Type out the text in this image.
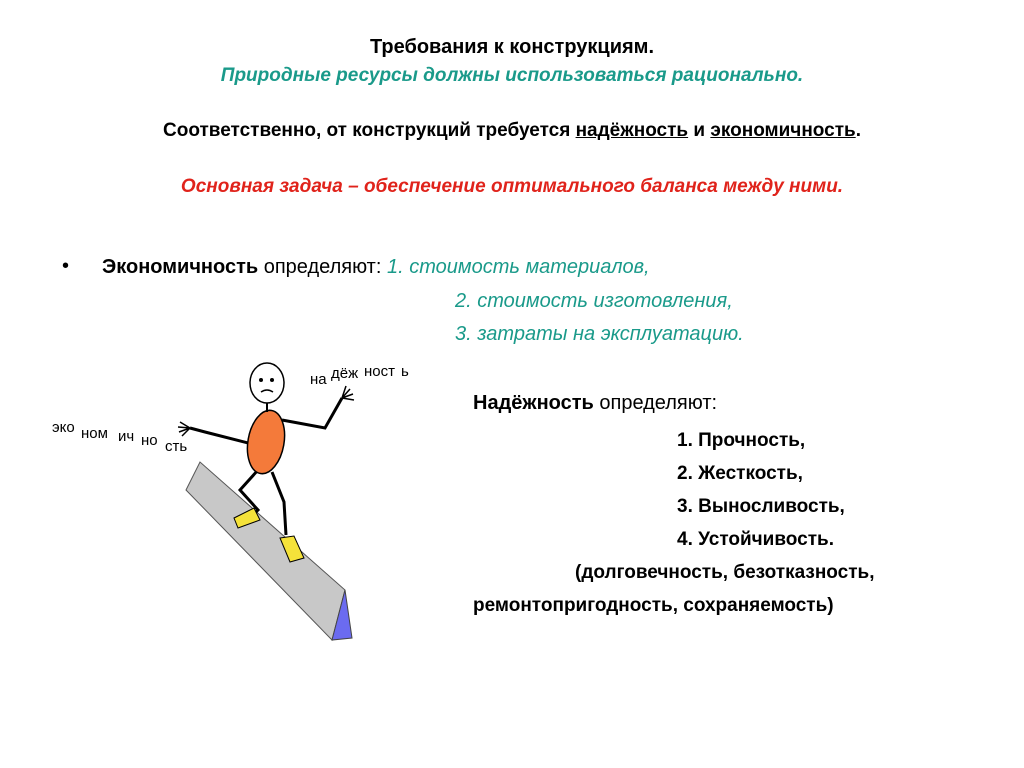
Требования к конструкциям.
Природные ресурсы должны использоваться рационально.
Соответственно, от конструкций требуется надёжность и экономичность.
Основная задача – обеспечение оптимального баланса между ними.
• Экономичность определяют: 1. стоимость материалов,
2. стоимость изготовления,
3. затраты на эксплуатацию.
Надёжность определяют:
1. Прочность,
2. Жесткость,
3. Выносливость,
4. Устойчивость.
(долговечность, безотказность,
ремонтопригодность, сохраняемость)
эко ном ич но сть
на дёж ност ь
